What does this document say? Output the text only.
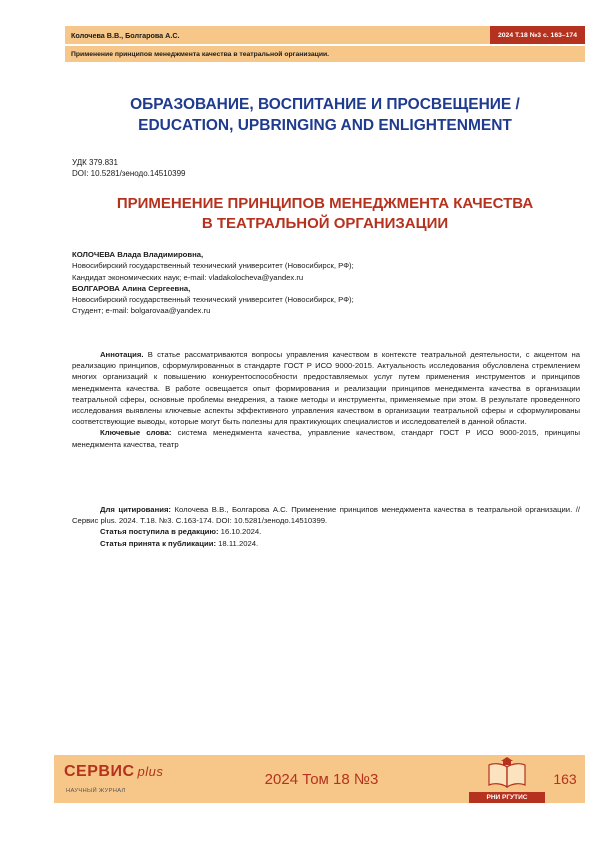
Колочева В.В., Болгарова А.С.	2024 Т.18 №3 с. 163–174
Применение принципов менеджмента качества в театральной организации.
ОБРАЗОВАНИЕ, ВОСПИТАНИЕ И ПРОСВЕЩЕНИЕ /
EDUCATION, UPBRINGING AND ENLIGHTENMENT
УДК 379.831
DOI: 10.5281/зенодо.14510399
ПРИМЕНЕНИЕ ПРИНЦИПОВ МЕНЕДЖМЕНТА КАЧЕСТВА
В ТЕАТРАЛЬНОЙ ОРГАНИЗАЦИИ
КОЛОЧЕВА Влада Владимировна,
Новосибирский государственный технический университет (Новосибирск, РФ);
Кандидат экономических наук; e-mail: vladakolocheva@yandex.ru
БОЛГАРОВА Алина Сергеевна,
Новосибирский государственный технический университет (Новосибирск, РФ);
Студент; e-mail: bolgarovaa@yandex.ru

Аннотация. В статье рассматриваются вопросы управления качеством в контексте театральной деятельности, с акцентом на реализацию принципов, сформулированных в стандарте ГОСТ Р ИСО 9000-2015. Актуальность исследования обусловлена стремлением многих организаций к повышению конкурентоспособности предоставляемых услуг путем применения инструментов и принципов менеджмента качества. В работе освещается опыт формирования и реализации принципов менеджмента качества в организации театральной сферы, основные проблемы внедрения, а также методы и инструменты, применяемые при этом. В результате проведенного исследования выявлены ключевые аспекты эффективного управления качеством в организации театральной сферы и сформулированы соответствующие выводы, которые могут быть полезны для практикующих специалистов и исследователей в данной области.

Ключевые слова: система менеджмента качества, управление качеством, стандарт ГОСТ Р ИСО 9000-2015, принципы менеджмента качества, театр

Для цитирования: Колочева В.В., Болгарова А.С. Применение принципов менеджмента качества в театральной организации. // Сервис plus. 2024. Т.18. №3. С.163-174. DOI: 10.5281/зенодо.14510399.

Статья поступила в редакцию: 16.10.2024.

Статья принята к публикации: 18.11.2024.

СЕРВИС plus
НАУЧНЫЙ ЖУРНАЛ
2024 Том 18 №3
РНИ РГУТИС
163
